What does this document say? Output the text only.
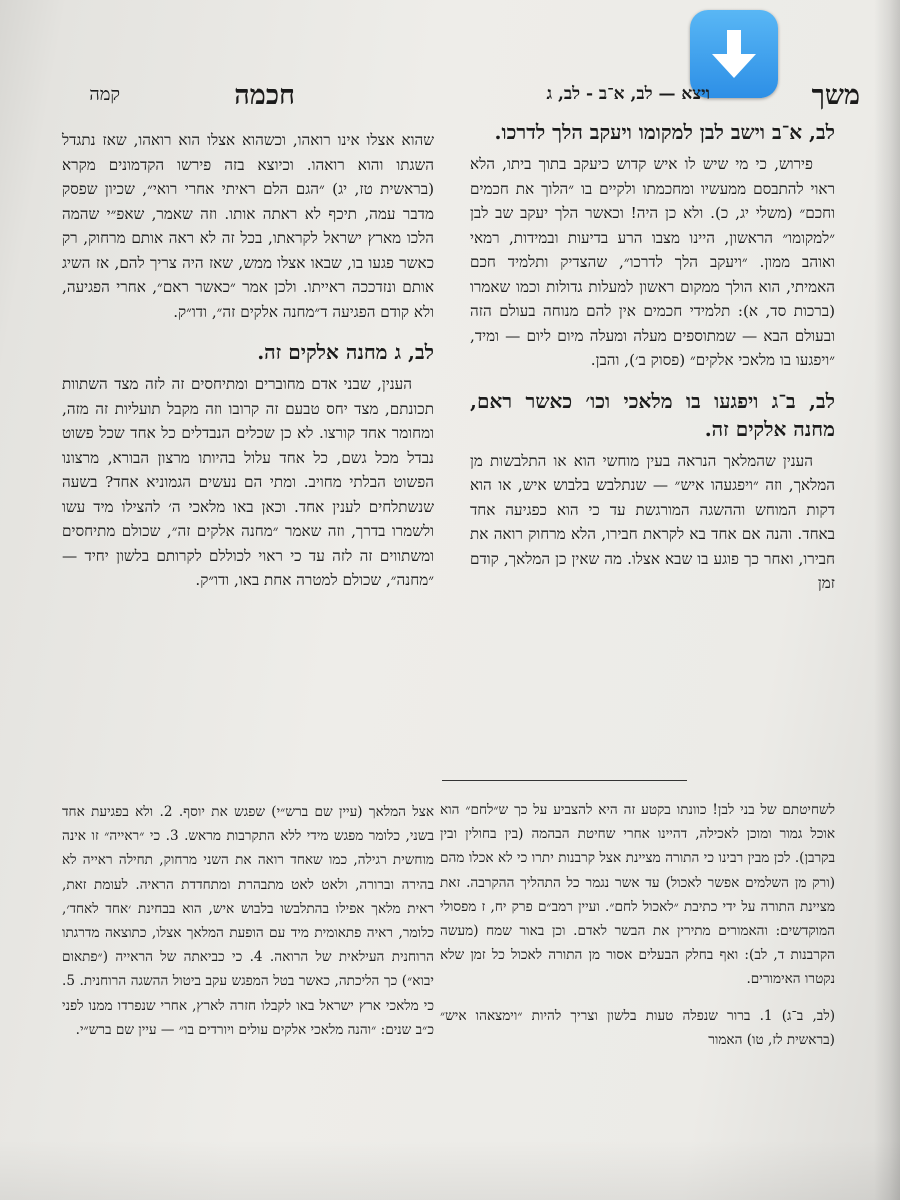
משך
ויצא — לב, א־ב - לב, ג
חכמה
קמה
לב, א־ב וישב לבן למקומו ויעקב הלך לדרכו.

פירוש, כי מי שיש לו איש קדוש כיעקב בתוך ביתו, הלא ראוי להתבסם ממעשיו ומחכמתו ולקיים בו ״הלוך את חכמים וחכם״ (משלי יג, כ). ולא כן היה! וכאשר הלך יעקב שב לבן ״למקומו״ הראשון, היינו מצבו הרע בדיעות ובמידות, רמאי ואוהב ממון. ״ויעקב הלך לדרכו״, שהצדיק ותלמיד חכם האמיתי, הוא הולך ממקום ראשון למעלות גדולות וכמו שאמרו (ברכות סד, א): תלמידי חכמים אין להם מנוחה בעולם הזה ובעולם הבא — שמתוספים מעלה ומעלה מיום ליום — ומיד, ״ויפגעו בו מלאכי אלקים״ (פסוק ב׳), והבן.

לב, ב־ג ויפגעו בו מלאכי וכו׳ כאשר ראם, מחנה אלקים זה.

הענין שהמלאך הנראה בעין מוחשי הוא או התלבשות מן המלאך, וזה ״ויפגעהו איש״ — שנתלבש בלבוש איש, או הוא דקות המוחש וההשגה המורגשת עד כי הוא כפגיעה אחד באחד. והנה אם אחד בא לקראת חבירו, הלא מרחוק רואה את חבירו, ואחר כך פוגע בו שבא אצלו. מה שאין כן המלאך, קודם זמן

לשחיטתם של בני לבן! כוונתו בקטע זה היא להצביע על כך ש״לחם״ הוא אוכל גמור ומוכן לאכילה, דהיינו אחרי שחיטת הבהמה (בין בחולין ובין בקרבן). לכן מבין רבינו כי התורה מציינת אצל קרבנות יתרו כי לא אכלו מהם (ורק מן השלמים אפשר לאכול) עד אשר נגמר כל התהליך ההקרבה. זאת מציינת התורה על ידי כתיבת ״לאכול לחם״. ועיין רמב״ם פרק יח, ז מפסולי המוקדשים: והאמורים מתירין את הבשר לאדם. וכן באור שמח (מעשה הקרבנות ד, לב): ואף בחלק הבעלים אסור מן התורה לאכול כל זמן שלא נקטרו האימורים.

(לב, ב־ג) 1. ברור שנפלה טעות בלשון וצריך להיות ״וימצאהו איש״ (בראשית לז, טו) האמור

שהוא אצלו אינו רואהו, וכשהוא אצלו הוא רואהו, שאז נתגדל השגתו והוא רואהו. וכיוצא בזה פירשו הקדמונים מקרא (בראשית טז, יג) ״הגם הלם ראיתי אחרי רואי״, שכיון שפסק מדבר עמה, תיכף לא ראתה אותו. וזה שאמר, שאפ״י שהמה הלכו מארץ ישראל לקראתו, בכל זה לא ראה אותם מרחוק, רק כאשר פגעו בו, שבאו אצלו ממש, שאז היה צריך להם, אז השיג אותם ונזדככה ראייתו. ולכן אמר ״כאשר ראם״, אחרי הפגיעה, ולא קודם הפגיעה ד״מחנה אלקים זה״, ודו״ק.

לב, ג מחנה אלקים זה.

הענין, שבני אדם מחוברים ומתיחסים זה לזה מצד השתוות תכונתם, מצד יחס טבעם זה קרובו וזה מקבל תועליות זה מזה, ומחומר אחד קורצו. לא כן שכלים הנבדלים כל אחד שכל פשוט נבדל מכל גשם, כל אחד עלול בהיותו מרצון הבורא, מרצונו הפשוט הבלתי מחויב. ומתי הם נעשים הגמוניא אחד? בשעה שנשתלחים לענין אחד. וכאן באו מלאכי ה׳ להצילו מיד עשו ולשמרו בדרך, וזה שאמר ״מחנה אלקים זה״, שכולם מתיחסים ומשתווים זה לזה עד כי ראוי לכוללם לקרותם בלשון יחיד — ״מחנה״, שכולם למטרה אחת באו, ודו״ק.

אצל המלאך (עיין שם ברש״י) שפגש את יוסף. 2. ולא בפגיעת אחד בשני, כלומר מפגש מידי ללא התקרבות מראש. 3. כי ״ראייה״ זו אינה מוחשית רגילה, כמו שאחד רואה את השני מרחוק, תחילה ראייה לא בהירה וברורה, ולאט לאט מתבהרת ומתחדדת הראיה. לעומת זאת, ראית מלאך אפילו בהתלבשו בלבוש איש, הוא בבחינת ׳אחד לאחד׳, כלומר, ראיה פתאומית מיד עם הופעת המלאך אצלו, כתוצאה מדרגתו הרוחנית העילאית של הרואה. 4. כי כביאתה של הראייה (״פתאום יבוא״) כך הליכתה, כאשר בטל המפגש עקב ביטול ההשגה הרוחנית. 5. כי מלאכי ארץ ישראל באו לקבלו חזרה לארץ, אחרי שנפרדו ממנו לפני כ״ב שנים: ״והנה מלאכי אלקים עולים ויורדים בו״ — עיין שם ברש״י.
